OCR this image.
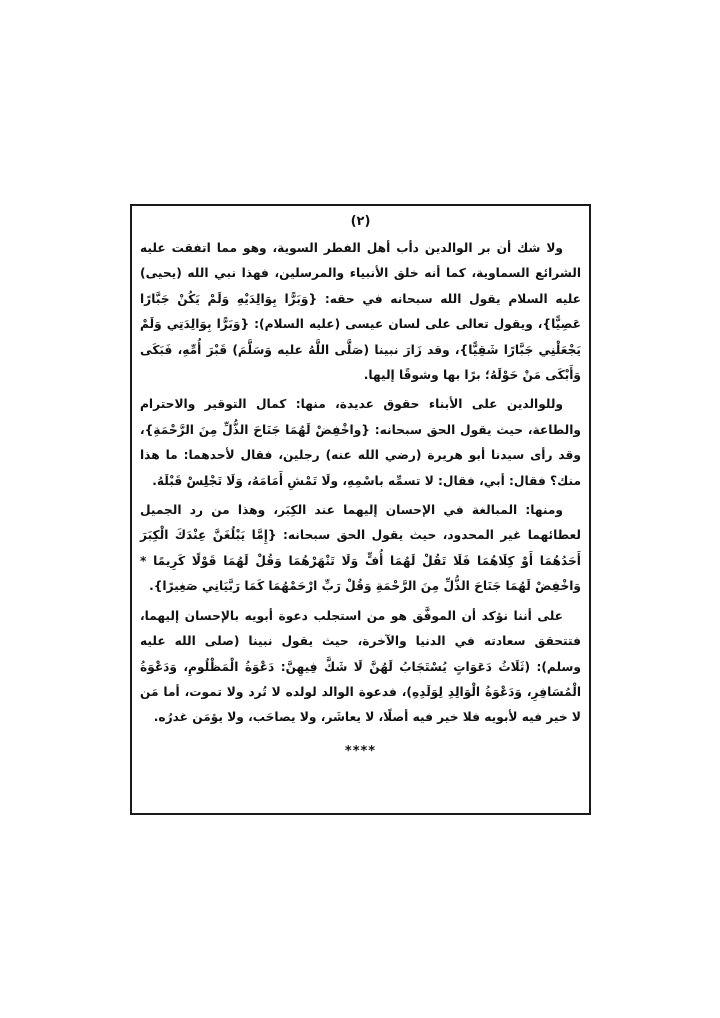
(٢)

ولا شك أن بر الوالدين دأب أهل الفطر السوية، وهو مما اتفقت عليه الشرائع السماوية، كما أنه خلق الأنبياء والمرسلين، فهذا نبي الله (يحيى) عليه السلام يقول الله سبحانه في حقه: {وَبَرًّا بِوَالِدَيْهِ وَلَمْ يَكُنْ جَبَّارًا عَصِيًّا}، ويقول تعالى على لسان عيسى (عليه السلام): {وَبَرًّا بِوَالِدَتِي وَلَمْ يَجْعَلْنِي جَبَّارًا شَقِيًّا}، وقد زَارَ نبينا (صَلَّى اللَّهُ عليه وَسَلَّمَ) قَبْرَ أُمِّهِ، فَبَكَى وَأَبْكَى مَنْ حَوْلَهُ؛ برًا بها وشوقًا إليها.

وللوالدين على الأبناء حقوق عديدة، منها: كمال التوقير والاحترام والطاعة، حيث يقول الحق سبحانه: {واخْفِضْ لَهُمَا جَنَاحَ الذُّلِّ مِنَ الرَّحْمَةِ}، وقد رأى سيدنا أبو هريرة (رضي الله عنه) رجلين، فقال لأحدهما: ما هذا منك؟ فقال: أبي، فقال: لا تسمِّه باسْمِهِ، ولَا تَمْشِ أَمَامَهُ، وَلَا تَجْلِسْ قَبْلَهُ.

ومنها: المبالغة في الإحسان إليهما عند الكِبَر، وهذا من رد الجميل لعطائهما غير المحدود، حيث يقول الحق سبحانه: {إِمَّا يَبْلُغَنَّ عِنْدَكَ الْكِبَرَ أَحَدُهُمَا أَوْ كِلَاهُمَا فَلَا تَقُلْ لَهُمَا أُفٍّ وَلَا تَنْهَرْهُمَا وَقُلْ لَهُمَا قَوْلًا كَرِيمًا * وَاخْفِضْ لَهُمَا جَنَاحَ الذُّلِّ مِنَ الرَّحْمَةِ وَقُلْ رَبِّ ارْحَمْهُمَا كَمَا رَبَّيَانِي صَغِيرًا}.

على أننا نؤكد أن الموفَّق هو من استجلب دعوة أبويه بالإحسان إليهما، فتتحقق سعادته في الدنيا والآخرة، حيث يقول نبينا (صلى الله عليه وسلم): (ثَلَاثُ دَعَوَاتٍ يُسْتَجَابُ لَهُنَّ لَا شَكَّ فِيهِنَّ: دَعْوَةُ الْمَظْلُومِ، وَدَعْوَةُ الْمُسَافِرِ، وَدَعْوَةُ الْوَالِدِ لِوَلَدِهِ)، فدعوة الوالد لولده لا تُرد ولا تموت، أما مَن لا خير فيه لأبويه فلا خير فيه أصلًا، لا يعاشَر، ولا يصاحَب، ولا يؤمَن غدرُه.

****
